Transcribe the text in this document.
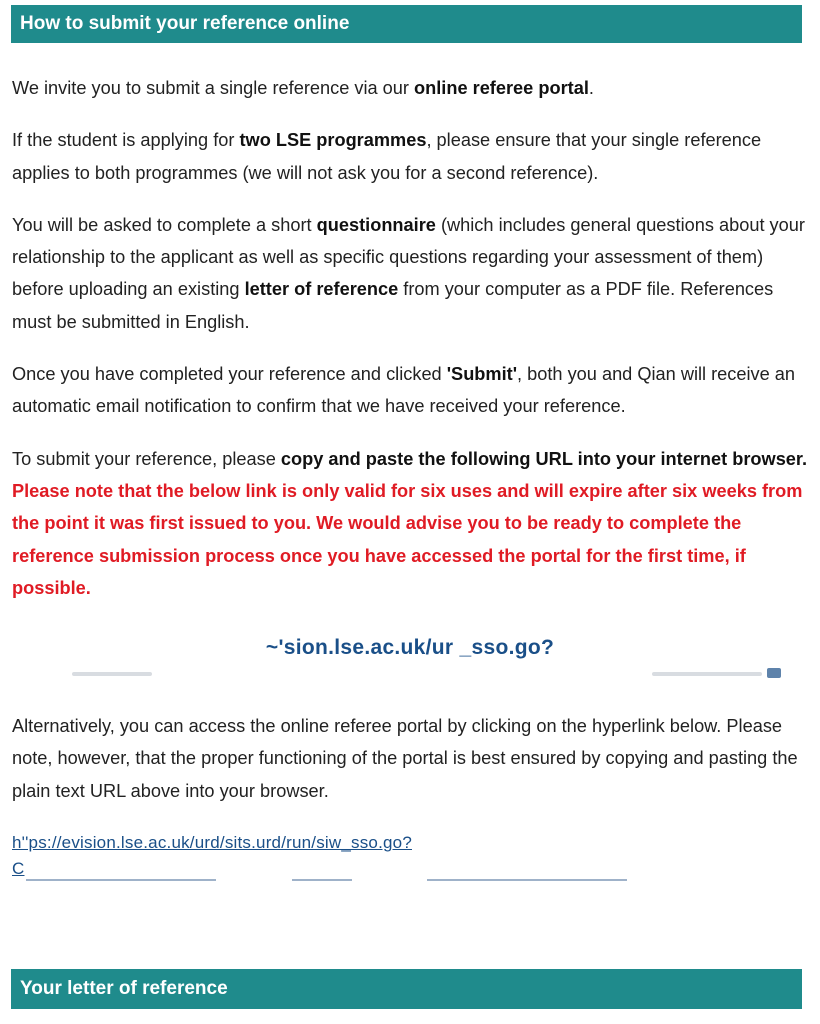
How to submit your reference online

We invite you to submit a single reference via our online referee portal.

If the student is applying for two LSE programmes, please ensure that your single reference applies to both programmes (we will not ask you for a second reference).

You will be asked to complete a short questionnaire (which includes general questions about your relationship to the applicant as well as specific questions regarding your assessment of them) before uploading an existing letter of reference from your computer as a PDF file. References must be submitted in English.

Once you have completed your reference and clicked 'Submit', both you and Qian will receive an automatic email notification to confirm that we have received your reference.

To submit your reference, please copy and paste the following URL into your internet browser. Please note that the below link is only valid for six uses and will expire after six weeks from the point it was first issued to you. We would advise you to be ready to complete the reference submission process once you have accessed the portal for the first time, if possible.

~'sion.lse.ac.uk/ur _sso.go?

Alternatively, you can access the online referee portal by clicking on the hyperlink below. Please note, however, that the proper functioning of the portal is best ensured by copying and pasting the plain text URL above into your browser.

h''ps://evision.lse.ac.uk/urd/sits.urd/run/siw_sso.go?
C
Your letter of reference
